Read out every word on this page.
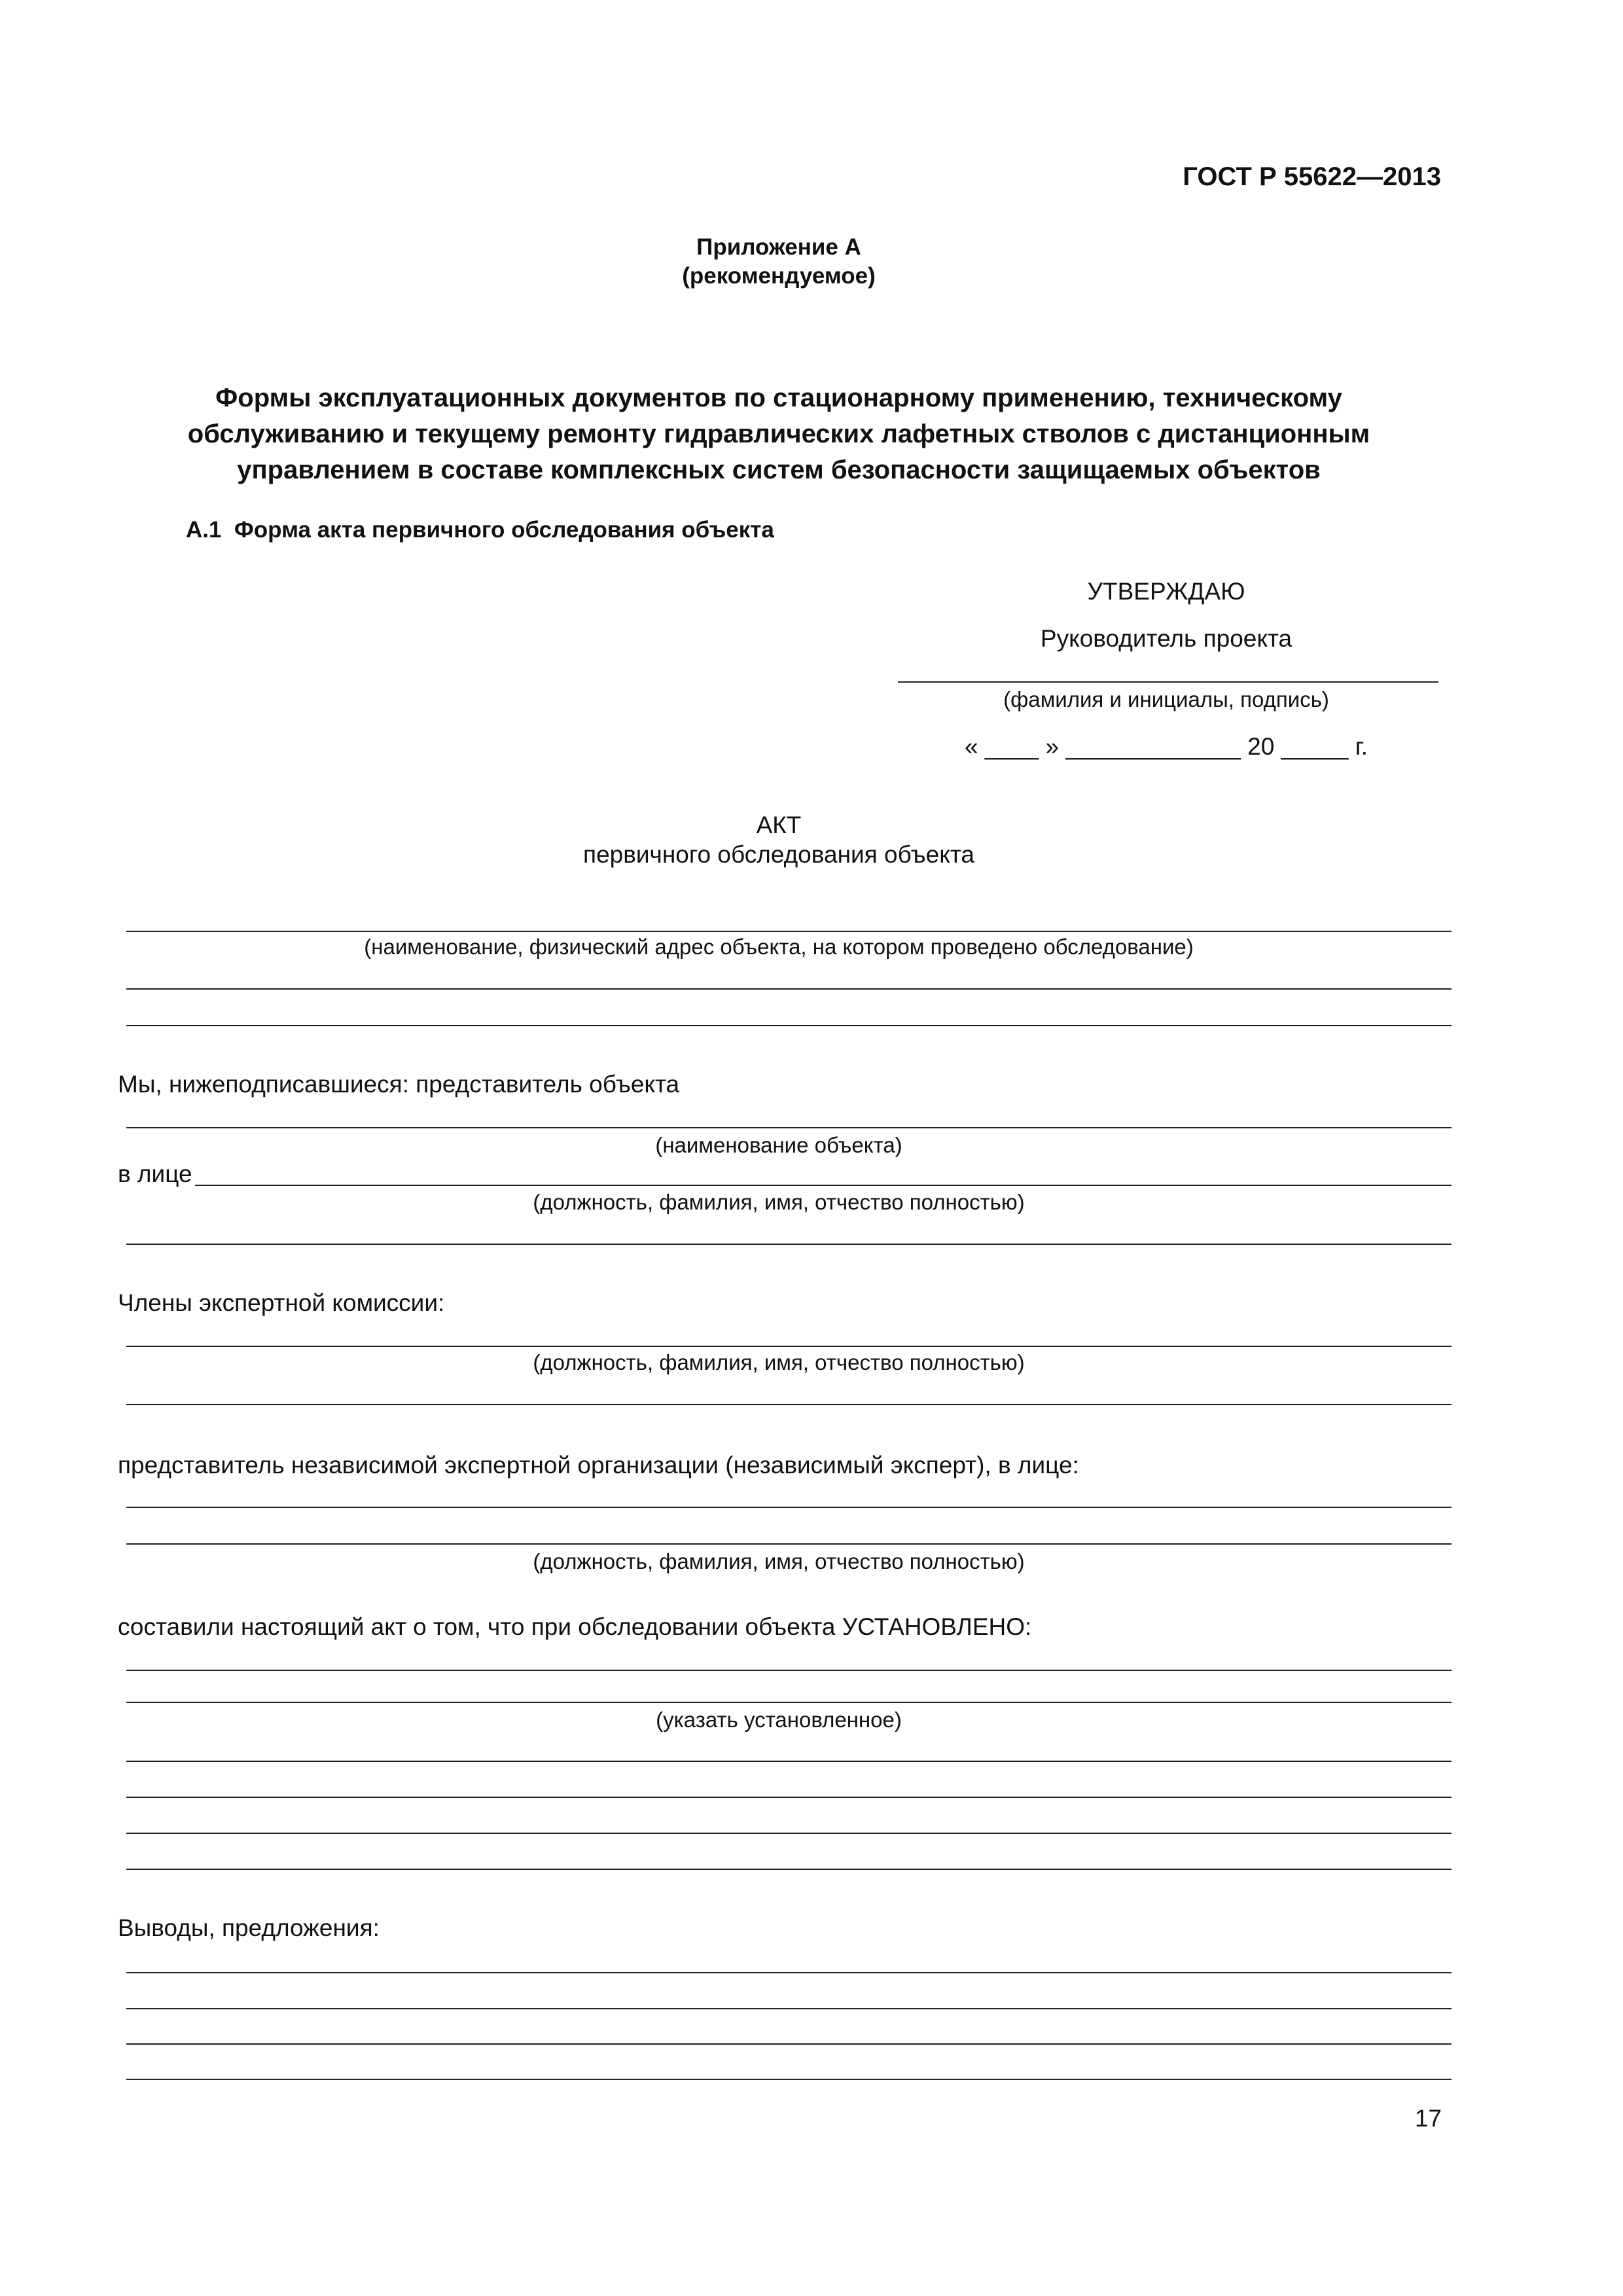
ГОСТ Р 55622—2013
Приложение А
(рекомендуемое)
Формы эксплуатационных документов по стационарному применению, техническому
обслуживанию и текущему ремонту гидравлических лафетных стволов с дистанционным
управлением в составе комплексных систем безопасности защищаемых объектов
А.1 Форма акта первичного обследования объекта
УТВЕРЖДАЮ
Руководитель проекта
(фамилия и инициалы, подпись)
« ____ » _____________ 20 _____ г.
АКТ
первичного обследования объекта
(наименование, физический адрес объекта, на котором проведено обследование)
Мы, нижеподписавшиеся: представитель объекта
(наименование объекта)
в лице
(должность, фамилия, имя, отчество полностью)
Члены экспертной комиссии:
(должность, фамилия, имя, отчество полностью)
представитель независимой экспертной организации (независимый эксперт), в лице:
(должность, фамилия, имя, отчество полностью)
составили настоящий акт о том, что при обследовании объекта УСТАНОВЛЕНО:
(указать установленное)
Выводы, предложения:
17
